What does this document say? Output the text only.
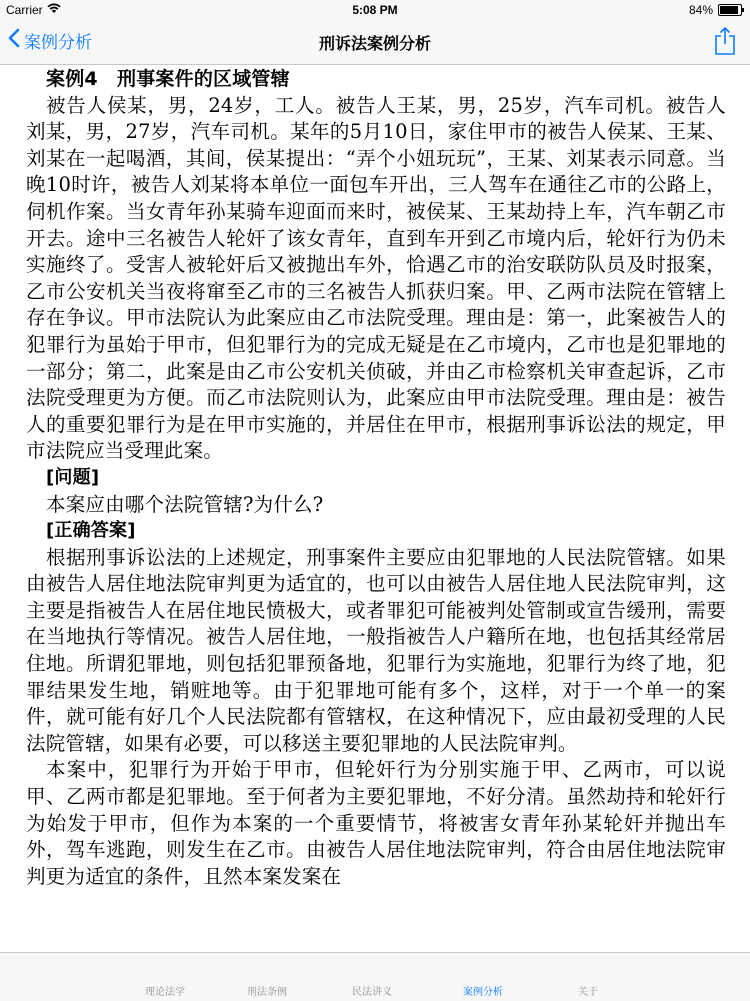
Carrier	5:08 PM	84%
案例分析	刑诉法案例分析

案例4　刑事案件的区域管辖

被告人侯某，男，24岁，工人。被告人王某，男，25岁，汽车司机。被告人刘某，男，27岁，汽车司机。某年的5月10日，家住甲市的被告人侯某、王某、刘某在一起喝酒，其间，侯某提出：“弄个小妞玩玩”，王某、刘某表示同意。当晚10时许，被告人刘某将本单位一面包车开出，三人驾车在通往乙市的公路上，伺机作案。当女青年孙某骑车迎面而来时，被侯某、王某劫持上车，汽车朝乙市开去。途中三名被告人轮奸了该女青年，直到车开到乙市境内后，轮奸行为仍未实施终了。受害人被轮奸后又被抛出车外，恰遇乙市的治安联防队员及时报案，乙市公安机关当夜将窜至乙市的三名被告人抓获归案。甲、乙两市法院在管辖上存在争议。甲市法院认为此案应由乙市法院受理。理由是：第一，此案被告人的犯罪行为虽始于甲市，但犯罪行为的完成无疑是在乙市境内，乙市也是犯罪地的一部分；第二，此案是由乙市公安机关侦破，并由乙市检察机关审查起诉，乙市法院受理更为方便。而乙市法院则认为，此案应由甲市法院受理。理由是：被告人的重要犯罪行为是在甲市实施的，并居住在甲市，根据刑事诉讼法的规定，甲市法院应当受理此案。

[问题]

本案应由哪个法院管辖?为什么?

[正确答案]

根据刑事诉讼法的上述规定，刑事案件主要应由犯罪地的人民法院管辖。如果由被告人居住地法院审判更为适宜的，也可以由被告人居住地人民法院审判，这主要是指被告人在居住地民愤极大，或者罪犯可能被判处管制或宣告缓刑，需要在当地执行等情况。被告人居住地，一般指被告人户籍所在地，也包括其经常居住地。所谓犯罪地，则包括犯罪预备地，犯罪行为实施地，犯罪行为终了地，犯罪结果发生地，销赃地等。由于犯罪地可能有多个，这样，对于一个单一的案件，就可能有好几个人民法院都有管辖权，在这种情况下，应由最初受理的人民法院管辖，如果有必要，可以移送主要犯罪地的人民法院审判。

本案中，犯罪行为开始于甲市，但轮奸行为分别实施于甲、乙两市，可以说甲、乙两市都是犯罪地。至于何者为主要犯罪地，不好分清。虽然劫持和轮奸行为始发于甲市，但作为本案的一个重要情节，将被害女青年孙某轮奸并抛出车外，驾车逃跑，则发生在乙市。由被告人居住地法院审判，符合由居住地法院审判更为适宜的条件，且然本案发案在

理论法学	刑法条例	民法讲义	案例分析	关于
